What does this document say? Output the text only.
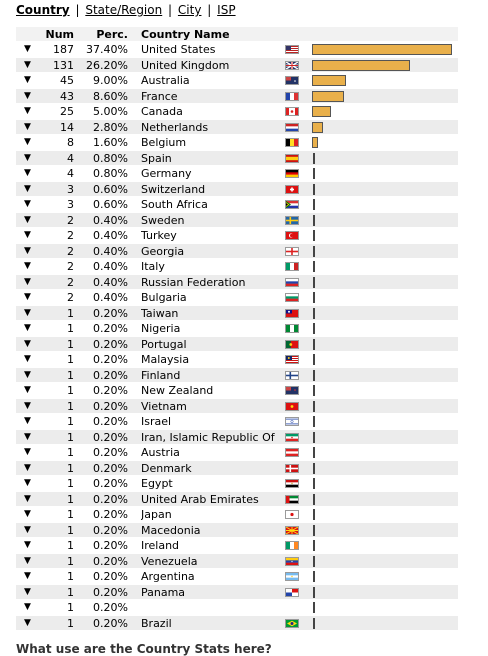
Country | State/Region | City | ISP
Num	Perc. Country Name
▼	187	37.40% United States
▼	131	26.20% United Kingdom
▼	45	9.00% Australia
▼	43	8.60% France
▼	25	5.00% Canada
▼	14	2.80% Netherlands
▼	8	1.60% Belgium
▼	4	0.80% Spain
▼	4	0.80% Germany
▼	3	0.60% Switzerland
▼	3	0.60% South Africa
▼	2	0.40% Sweden
▼	2	0.40% Turkey
▼	2	0.40% Georgia
▼	2	0.40% Italy
▼	2	0.40% Russian Federation
▼	2	0.40% Bulgaria
▼	1	0.20% Taiwan
▼	1	0.20% Nigeria
▼	1	0.20% Portugal
▼	1	0.20% Malaysia
▼	1	0.20% Finland
▼	1	0.20% New Zealand
▼	1	0.20% Vietnam
▼	1	0.20% Israel
▼	1	0.20% Iran, Islamic Republic Of
▼	1	0.20% Austria
▼	1	0.20% Denmark
▼	1	0.20% Egypt
▼	1	0.20% United Arab Emirates
▼	1	0.20% Japan
▼	1	0.20% Macedonia
▼	1	0.20% Ireland
▼	1	0.20% Venezuela
▼	1	0.20% Argentina
▼	1	0.20% Panama
▼	1	0.20%
▼	1	0.20% Brazil
What use are the Country Stats here?
